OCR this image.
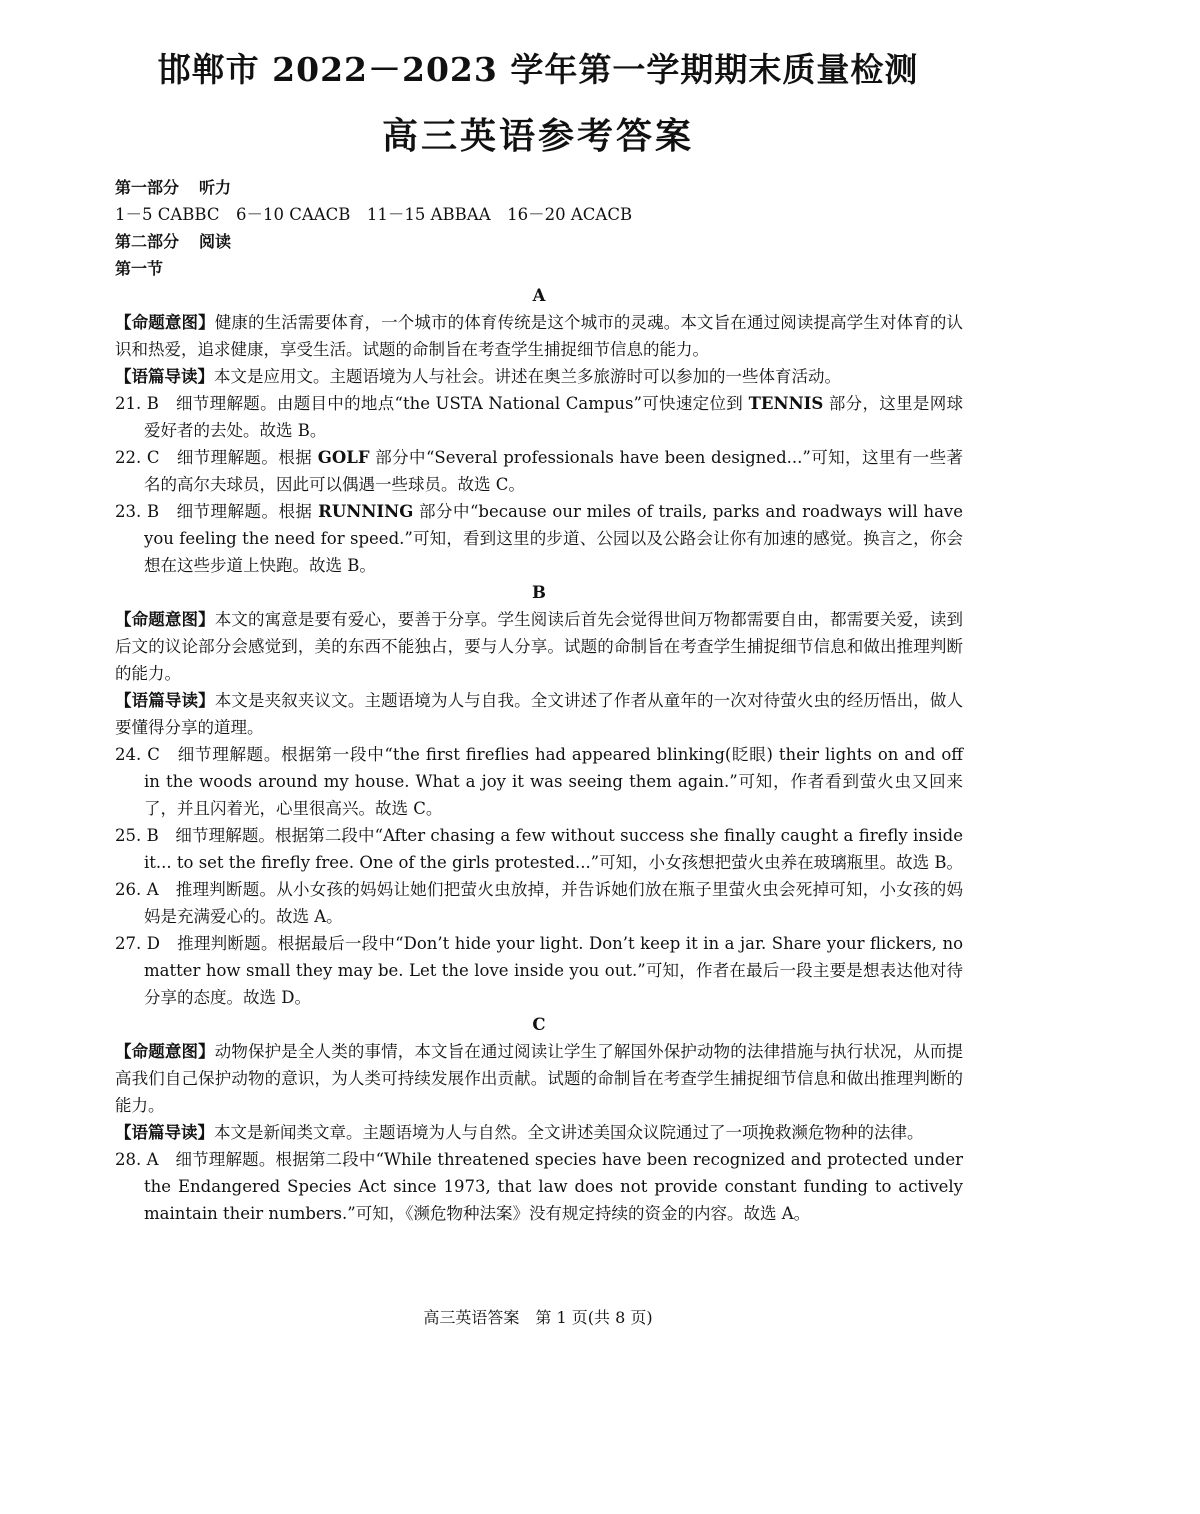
邯郸市 2022－2023 学年第一学期期末质量检测
高三英语参考答案
第一部分 听力
1－5 CABBC　6－10 CAACB　11－15 ABBAA　16－20 ACACB
第二部分 阅读
第一节
A
【命题意图】健康的生活需要体育，一个城市的体育传统是这个城市的灵魂。本文旨在通过阅读提高学生对体育的认识和热爱，追求健康，享受生活。试题的命制旨在考查学生捕捉细节信息的能力。
【语篇导读】本文是应用文。主题语境为人与社会。讲述在奥兰多旅游时可以参加的一些体育活动。
21. B　 细节理解题。由题目中的地点“the USTA National Campus”可快速定位到 TENNIS 部分，这里是网球爱好者的去处。故选 B。
22. C　 细节理解题。根据 GOLF 部分中“Several professionals have been designed...”可知，这里有一些著名的高尔夫球员，因此可以偶遇一些球员。故选 C。
23. B　 细节理解题。根据 RUNNING 部分中“because our miles of trails, parks and roadways will have you feeling the need for speed.”可知，看到这里的步道、公园以及公路会让你有加速的感觉。换言之，你会想在这些步道上快跑。故选 B。
B
【命题意图】本文的寓意是要有爱心，要善于分享。学生阅读后首先会觉得世间万物都需要自由，都需要关爱，读到后文的议论部分会感觉到，美的东西不能独占，要与人分享。试题的命制旨在考查学生捕捉细节信息和做出推理判断的能力。
【语篇导读】本文是夹叙夹议文。主题语境为人与自我。全文讲述了作者从童年的一次对待萤火虫的经历悟出，做人要懂得分享的道理。
24. C　 细节理解题。根据第一段中“the first fireflies had appeared blinking(眨眼) their lights on and off in the woods around my house. What a joy it was seeing them again.”可知，作者看到萤火虫又回来了，并且闪着光，心里很高兴。故选 C。
25. B　 细节理解题。根据第二段中“After chasing a few without success she finally caught a firefly inside it... to set the firefly free. One of the girls protested...”可知，小女孩想把萤火虫养在玻璃瓶里。故选 B。
26. A　 推理判断题。从小女孩的妈妈让她们把萤火虫放掉，并告诉她们放在瓶子里萤火虫会死掉可知，小女孩的妈妈是充满爱心的。故选 A。
27. D　 推理判断题。根据最后一段中“Don’t hide your light. Don’t keep it in a jar. Share your flickers, no matter how small they may be. Let the love inside you out.”可知，作者在最后一段主要是想表达他对待分享的态度。故选 D。
C
【命题意图】动物保护是全人类的事情，本文旨在通过阅读让学生了解国外保护动物的法律措施与执行状况，从而提高我们自己保护动物的意识，为人类可持续发展作出贡献。试题的命制旨在考查学生捕捉细节信息和做出推理判断的能力。
【语篇导读】本文是新闻类文章。主题语境为人与自然。全文讲述美国众议院通过了一项挽救濒危物种的法律。
28. A　 细节理解题。根据第二段中“While threatened species have been recognized and protected under the Endangered Species Act since 1973, that law does not provide constant funding to actively maintain their numbers.”可知，《濒危物种法案》没有规定持续的资金的内容。故选 A。
高三英语答案　第 1 页(共 8 页)
